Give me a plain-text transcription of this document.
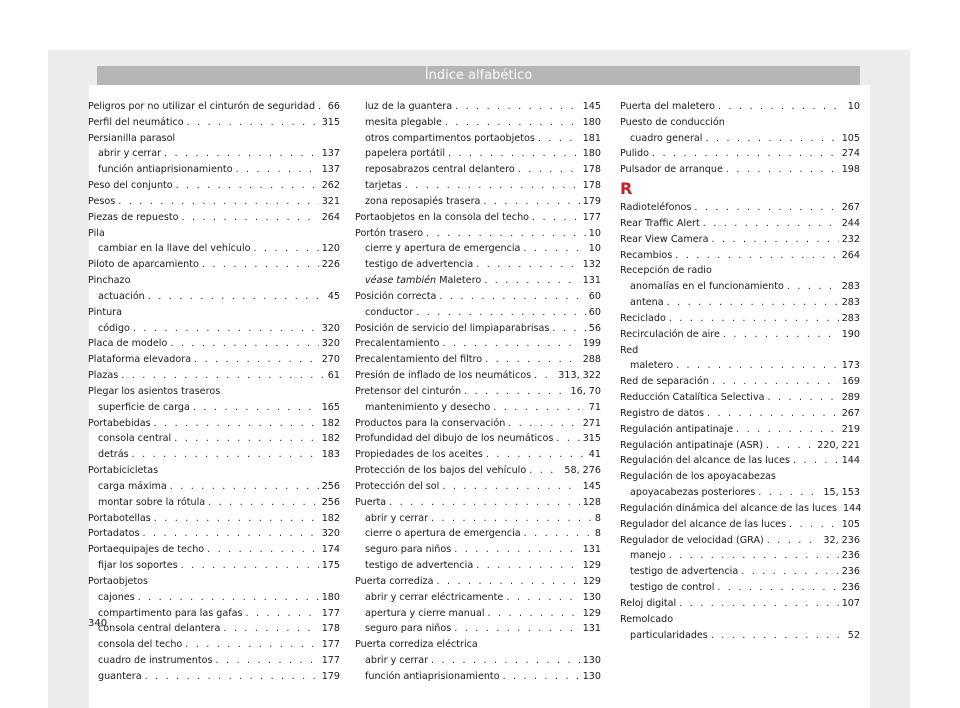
Índice alfabético
Peligros por no utilizar el cinturón de seguridad . . . 66
Perfil del neumático . . .	315
Persianilla parasol
abrir y cerrar . . .	137
función antiaprisionamiento . . .	137
Peso del conjunto . . .	262
Pesos . . .	321
Piezas de repuesto . . .	264
Pila
cambiar en la llave del vehículo . . .	120
Piloto de aparcamiento . . .	226
Pinchazo
actuación . . .	45
Pintura
código . . .	320
Placa de modelo . . .	320
Plataforma elevadora . . .	270
Plazas . . .	61
Plegar los asientos traseros
superficie de carga . . .	165
Portabebidas . . .	182
consola central . . .	182
detrás . . .	183
Portabicicletas
carga máxima . . .	256
montar sobre la rótula . . .	256
Portabotellas . . .	182
Portadatos . . .	320
Portaequipajes de techo . . .	174
fijar los soportes . . .	175
Portaobjetos
cajones . . .	180
compartimento para las gafas . . .	177
consola central delantera . . .	178
consola del techo . . .	177
cuadro de instrumentos . . .	177
guantera . . .	179
luz de la guantera . . .	145
mesita plegable . . .	180
otros compartimentos portaobjetos . . .	181
papelera portátil . . .	180
reposabrazos central delantero . . .	178
tarjetas . . .	178
zona reposapiés trasera . . .	179
Portaobjetos en la consola del techo . . .	177
Portón trasero . . .	10
cierre y apertura de emergencia . . .	10
testigo de advertencia . . .	132
véase también Maletero . . .	131
Posición correcta . . .	60
conductor . . .	60
Posición de servicio del limpiaparabrisas . . .	56
Precalentamiento . . .	199
Precalentamiento del filtro . . .	288
Presión de inflado de los neumáticos . . .	313, 322
Pretensor del cinturón . . .	16, 70
mantenimiento y desecho . . .	71
Productos para la conservación . . .	271
Profundidad del dibujo de los neumáticos . . .	315
Propiedades de los aceites . . .	41
Protección de los bajos del vehículo . . .	58, 276
Protección del sol . . .	145
Puerta . . .	128
abrir y cerrar . . .	8
cierre o apertura de emergencia . . .	8
seguro para niños . . .	131
testigo de advertencia . . .	129
Puerta corrediza . . .	129
abrir y cerrar eléctricamente . . .	130
apertura y cierre manual . . .	129
seguro para niños . . .	131
Puerta corrediza eléctrica
abrir y cerrar . . .	130
función antiaprisionamiento . . .	130
Puerta del maletero . . .	10
Puesto de conducción
cuadro general . . .	105
Pulido . . .	274
Pulsador de arranque . . .	198
R
Radioteléfonos . . .	267
Rear Traffic Alert . . .	244
Rear View Camera . . .	232
Recambios . . .	264
Recepción de radio
anomalías en el funcionamiento . . .	283
antena . . .	283
Reciclado . . .	283
Recirculación de aire . . .	190
Red
maletero . . .	173
Red de separación . . .	169
Reducción Catalítica Selectiva . . .	289
Registro de datos . . .	267
Regulación antipatinaje . . .	219
Regulación antipatinaje (ASR) . . .	220, 221
Regulación del alcance de las luces . . .	144
Regulación de los apoyacabezas
apoyacabezas posteriores . . .	15, 153
Regulación dinámica del alcance de las luces 144
Regulador del alcance de las luces . . .	105
Regulador de velocidad (GRA) . . .	32, 236
manejo . . .	236
testigo de advertencia . . .	236
testigo de control . . .	236
Reloj digital . . .	107
Remolcado
particularidades . . .	52
340
